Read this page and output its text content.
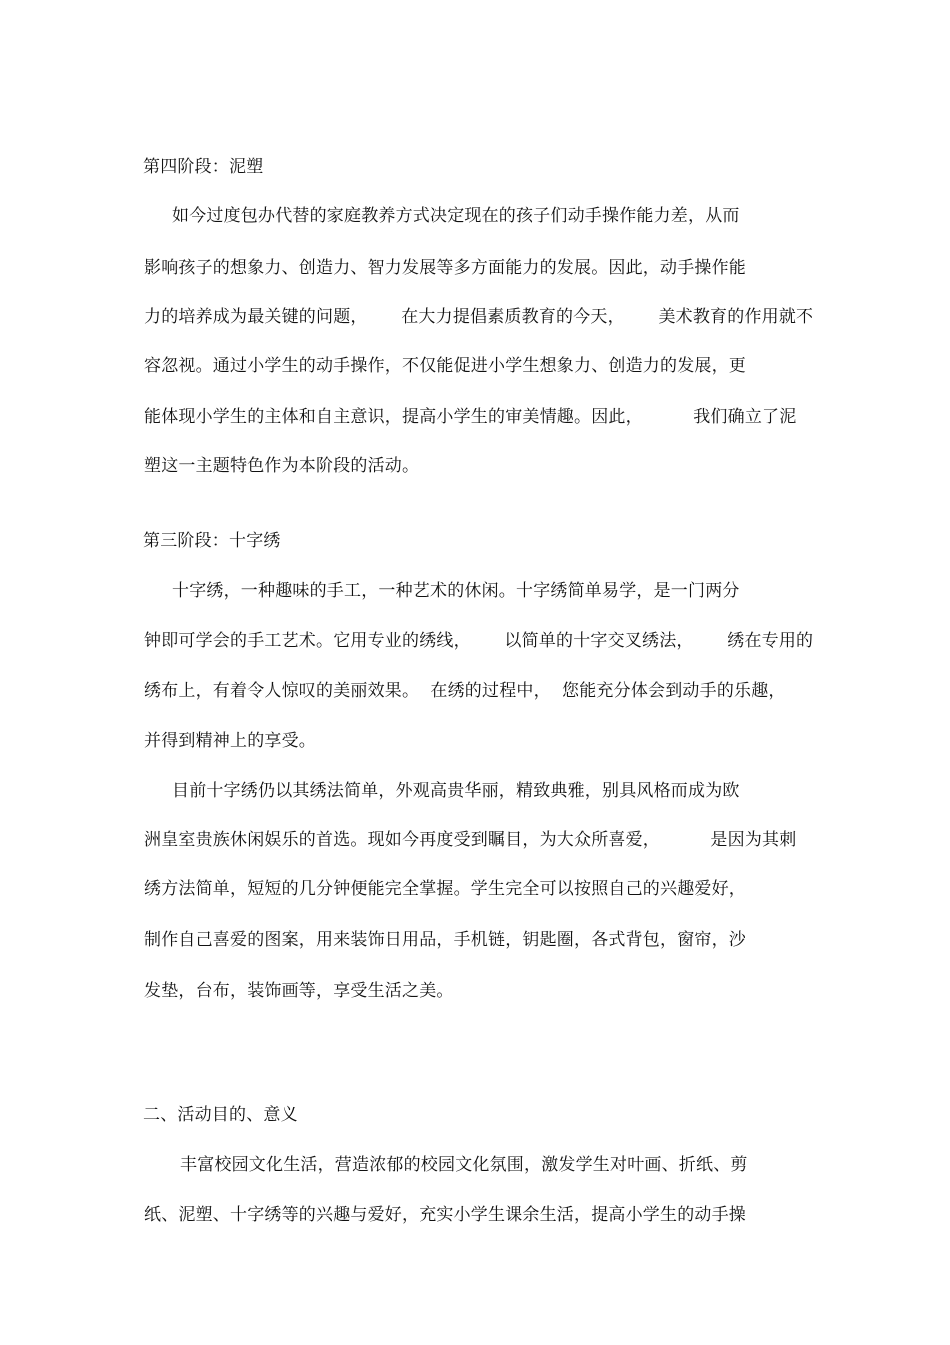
第四阶段：泥塑
如今过度包办代替的家庭教养方式决定现在的孩子们动手操作能力差，从而
影响孩子的想象力、创造力、智力发展等多方面能力的发展。因此，动手操作能
力的培养成为最关键的问题，      在大力提倡素质教育的今天，      美术教育的作用就不
容忽视。通过小学生的动手操作，不仅能促进小学生想象力、创造力的发展，更
能体现小学生的主体和自主意识，提高小学生的审美情趣。因此，         我们确立了泥
塑这一主题特色作为本阶段的活动。
第三阶段：十字绣
十字绣，一种趣味的手工，一种艺术的休闲。十字绣简单易学，是一门两分
钟即可学会的手工艺术。它用专业的绣线，      以简单的十字交叉绣法，      绣在专用的
绣布上，有着令人惊叹的美丽效果。  在绣的过程中，  您能充分体会到动手的乐趣，
并得到精神上的享受。
目前十字绣仍以其绣法简单，外观高贵华丽，精致典雅，别具风格而成为欧
洲皇室贵族休闲娱乐的首选。现如今再度受到瞩目，为大众所喜爱，         是因为其刺
绣方法简单，短短的几分钟便能完全掌握。学生完全可以按照自己的兴趣爱好，
制作自己喜爱的图案，用来装饰日用品，手机链，钥匙圈，各式背包，窗帘，沙
发垫，台布，装饰画等，享受生活之美。
二、活动目的、意义
丰富校园文化生活，营造浓郁的校园文化氛围，激发学生对叶画、折纸、剪
纸、泥塑、十字绣等的兴趣与爱好，充实小学生课余生活，提高小学生的动手操
